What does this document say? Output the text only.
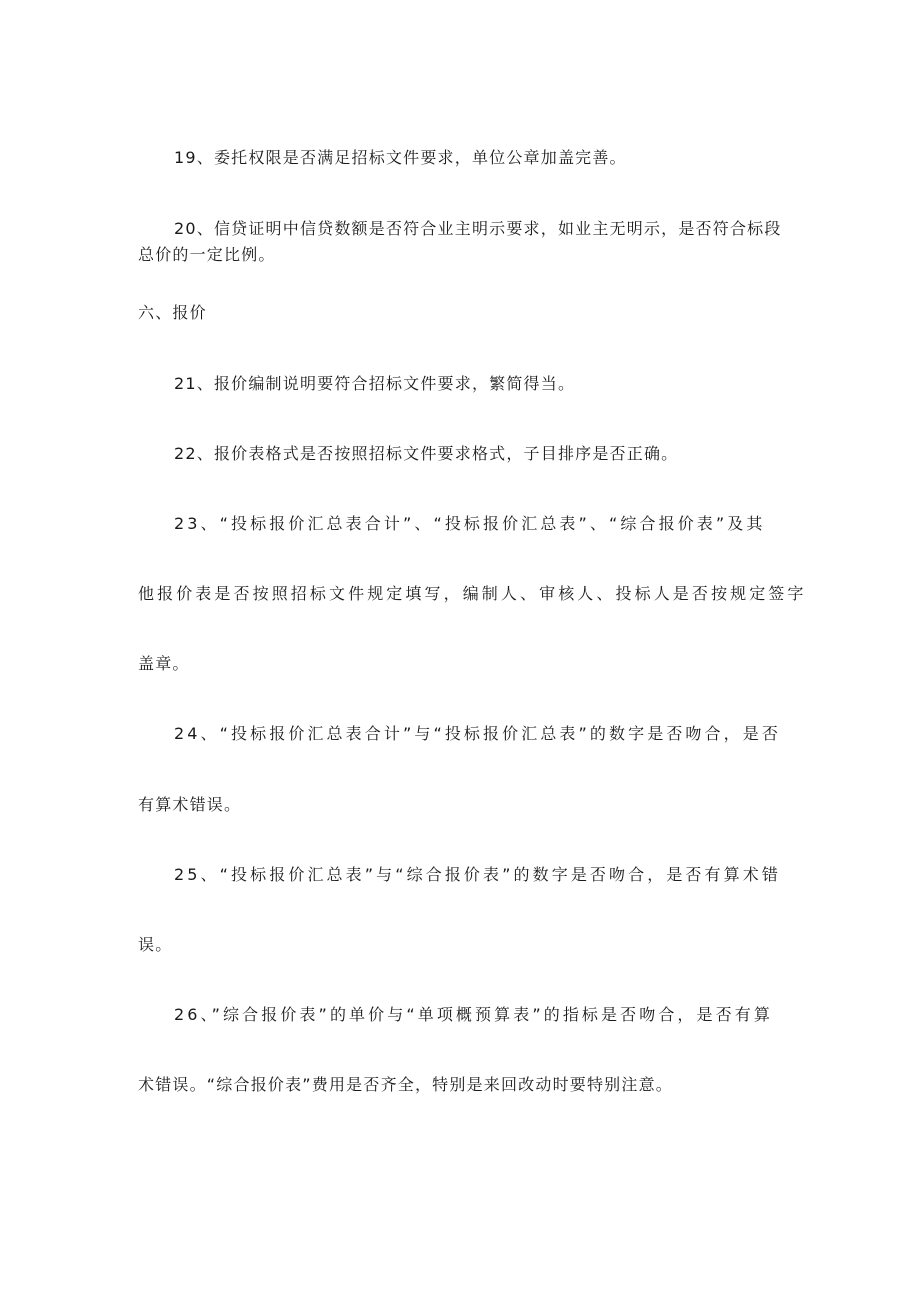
19、委托权限是否满足招标文件要求，单位公章加盖完善。
20、信贷证明中信贷数额是否符合业主明示要求，如业主无明示，是否符合标段总价的一定比例。
六、报价
21、报价编制说明要符合招标文件要求，繁简得当。
22、报价表格式是否按照招标文件要求格式，子目排序是否正确。
23、“投标报价汇总表合计”、“投标报价汇总表”、“综合报价表”及其
他报价表是否按照招标文件规定填写，编制人、审核人、投标人是否按规定签字
盖章。
24、“投标报价汇总表合计”与“投标报价汇总表”的数字是否吻合，是否
有算术错误。
25、“投标报价汇总表”与“综合报价表”的数字是否吻合，是否有算术错
误。
26、”综合报价表”的单价与“单项概预算表”的指标是否吻合，是否有算
术错误。“综合报价表”费用是否齐全，特别是来回改动时要特别注意。
